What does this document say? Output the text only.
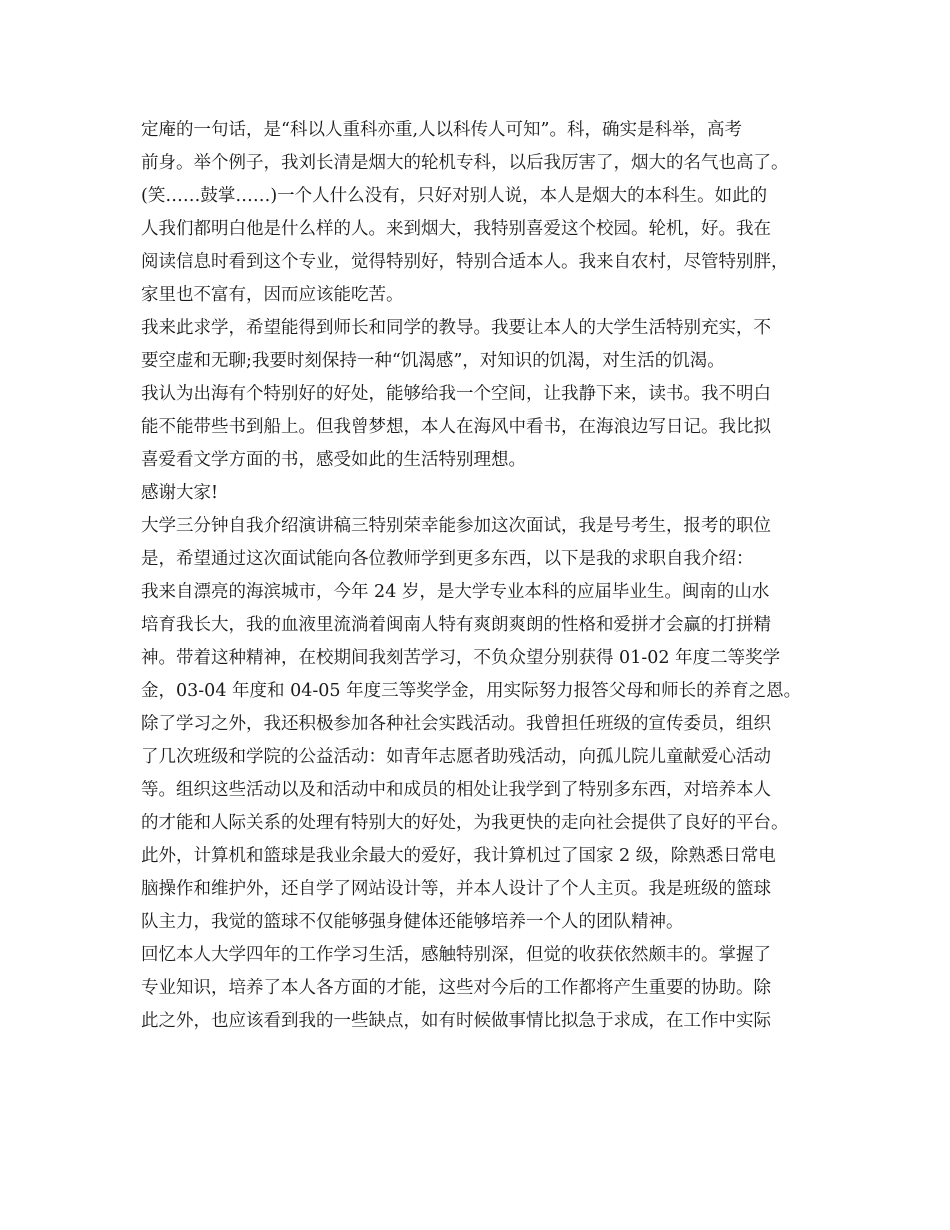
定庵的一句话，是“科以人重科亦重,人以科传人可知”。科，确实是科举，高考
前身。举个例子，我刘长清是烟大的轮机专科，以后我厉害了，烟大的名气也高了。
(笑……鼓掌……)一个人什么没有，只好对别人说，本人是烟大的本科生。如此的
人我们都明白他是什么样的人。来到烟大，我特别喜爱这个校园。轮机，好。我在
阅读信息时看到这个专业，觉得特别好，特别合适本人。我来自农村，尽管特别胖，
家里也不富有，因而应该能吃苦。
我来此求学，希望能得到师长和同学的教导。我要让本人的大学生活特别充实，不
要空虚和无聊;我要时刻保持一种“饥渴感”，对知识的饥渴，对生活的饥渴。
我认为出海有个特别好的好处，能够给我一个空间，让我静下来，读书。我不明白
能不能带些书到船上。但我曾梦想，本人在海风中看书，在海浪边写日记。我比拟
喜爱看文学方面的书，感受如此的生活特别理想。
感谢大家!
大学三分钟自我介绍演讲稿三特别荣幸能参加这次面试，我是号考生，报考的职位
是，希望通过这次面试能向各位教师学到更多东西，以下是我的求职自我介绍：
我来自漂亮的海滨城市，今年 24 岁，是大学专业本科的应届毕业生。闽南的山水
培育我长大，我的血液里流淌着闽南人特有爽朗爽朗的性格和爱拼才会赢的打拼精
神。带着这种精神，在校期间我刻苦学习，不负众望分别获得 01-02 年度二等奖学
金，03-04 年度和 04-05 年度三等奖学金，用实际努力报答父母和师长的养育之恩。
除了学习之外，我还积极参加各种社会实践活动。我曾担任班级的宣传委员，组织
了几次班级和学院的公益活动：如青年志愿者助残活动，向孤儿院儿童献爱心活动
等。组织这些活动以及和活动中和成员的相处让我学到了特别多东西，对培养本人
的才能和人际关系的处理有特别大的好处，为我更快的走向社会提供了良好的平台。
此外，计算机和篮球是我业余最大的爱好，我计算机过了国家 2 级，除熟悉日常电
脑操作和维护外，还自学了网站设计等，并本人设计了个人主页。我是班级的篮球
队主力，我觉的篮球不仅能够强身健体还能够培养一个人的团队精神。
回忆本人大学四年的工作学习生活，感触特别深，但觉的收获依然颇丰的。掌握了
专业知识，培养了本人各方面的才能，这些对今后的工作都将产生重要的协助。除
此之外，也应该看到我的一些缺点，如有时候做事情比拟急于求成，在工作中实际
